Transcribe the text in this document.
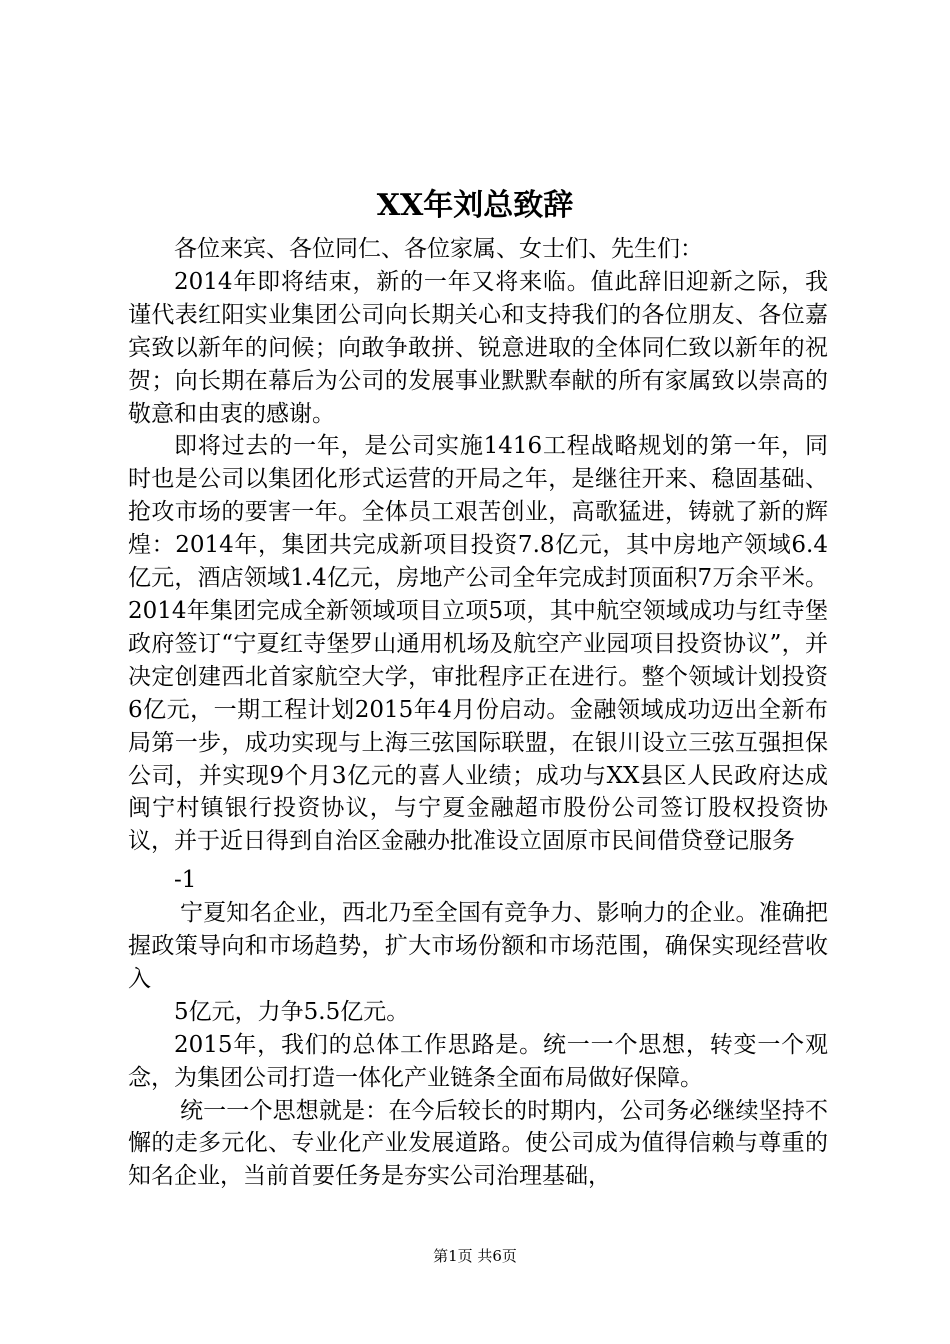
XX年刘总致辞

各位来宾、各位同仁、各位家属、女士们、先生们：

2014年即将结束，新的一年又将来临。值此辞旧迎新之际，我谨代表红阳实业集团公司向长期关心和支持我们的各位朋友、各位嘉宾致以新年的问候；向敢争敢拼、锐意进取的全体同仁致以新年的祝贺；向长期在幕后为公司的发展事业默默奉献的所有家属致以崇高的敬意和由衷的感谢。

即将过去的一年，是公司实施1416工程战略规划的第一年，同时也是公司以集团化形式运营的开局之年，是继往开来、稳固基础、抢攻市场的要害一年。全体员工艰苦创业，高歌猛进，铸就了新的辉煌：2014年，集团共完成新项目投资7.8亿元，其中房地产领域6.4亿元，酒店领域1.4亿元，房地产公司全年完成封顶面积7万余平米。2014年集团完成全新领域项目立项5项，其中航空领域成功与红寺堡政府签订“宁夏红寺堡罗山通用机场及航空产业园项目投资协议”，并决定创建西北首家航空大学，审批程序正在进行。整个领域计划投资6亿元，一期工程计划2015年4月份启动。金融领域成功迈出全新布局第一步，成功实现与上海三弦国际联盟，在银川设立三弦互强担保公司，并实现9个月3亿元的喜人业绩；成功与XX县区人民政府达成闽宁村镇银行投资协议，与宁夏金融超市股份公司签订股权投资协议，并于近日得到自治区金融办批准设立固原市民间借贷登记服务

-1

宁夏知名企业，西北乃至全国有竞争力、影响力的企业。准确把握政策导向和市场趋势，扩大市场份额和市场范围，确保实现经营收入

5亿元，力争5.5亿元。

2015年，我们的总体工作思路是。统一一个思想，转变一个观念，为集团公司打造一体化产业链条全面布局做好保障。

统一一个思想就是：在今后较长的时期内，公司务必继续坚持不懈的走多元化、专业化产业发展道路。使公司成为值得信赖与尊重的知名企业，当前首要任务是夯实公司治理基础，

第1页 共6页
